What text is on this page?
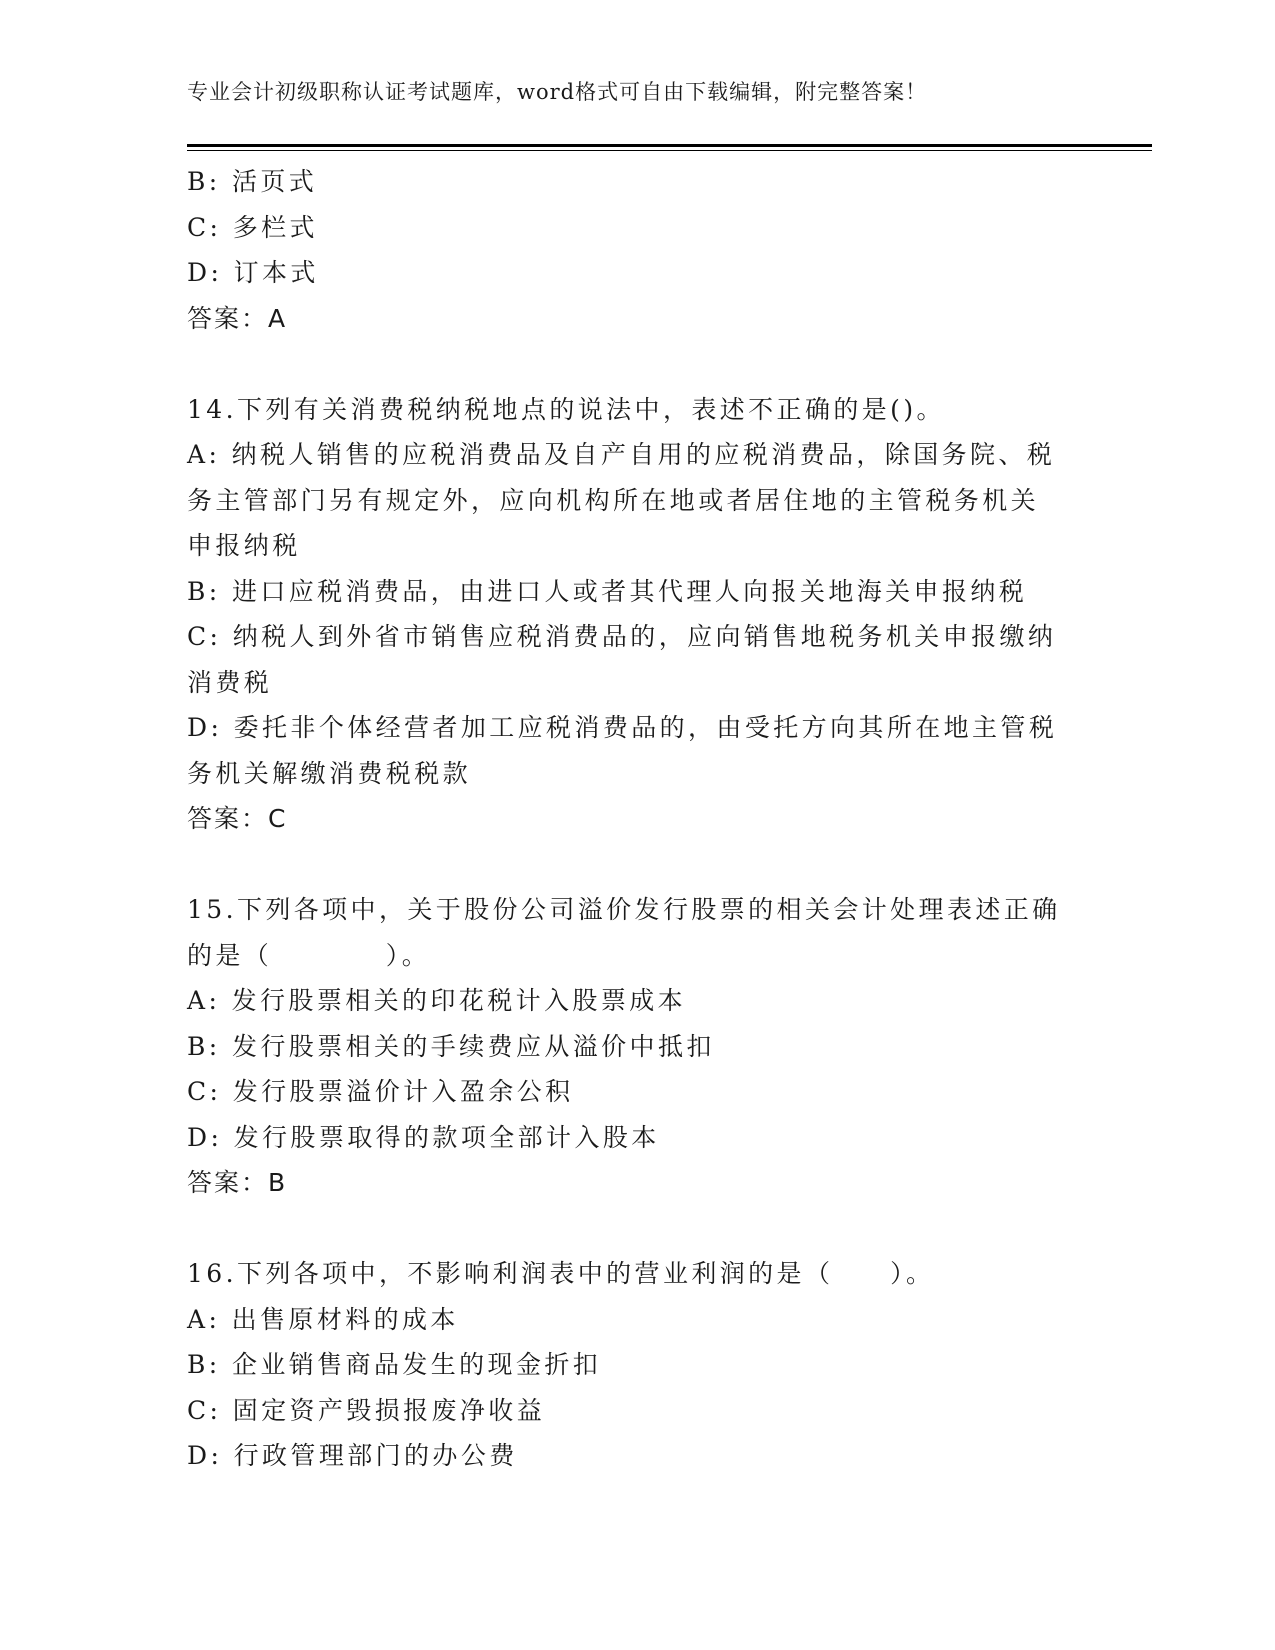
专业会计初级职称认证考试题库，word格式可自由下载编辑，附完整答案！

B: 活页式

C: 多栏式

D: 订本式

答案：A

14.下列有关消费税纳税地点的说法中，表述不正确的是()。

A: 纳税人销售的应税消费品及自产自用的应税消费品，除国务院、税

务主管部门另有规定外，应向机构所在地或者居住地的主管税务机关

申报纳税

B: 进口应税消费品，由进口人或者其代理人向报关地海关申报纳税

C: 纳税人到外省市销售应税消费品的，应向销售地税务机关申报缴纳

消费税

D: 委托非个体经营者加工应税消费品的，由受托方向其所在地主管税

务机关解缴消费税税款

答案：C

15.下列各项中，关于股份公司溢价发行股票的相关会计处理表述正确

的是（　　　　）。

A: 发行股票相关的印花税计入股票成本

B: 发行股票相关的手续费应从溢价中抵扣

C: 发行股票溢价计入盈余公积

D: 发行股票取得的款项全部计入股本

答案：B

16.下列各项中，不影响利润表中的营业利润的是（　　）。

A: 出售原材料的成本

B: 企业销售商品发生的现金折扣

C: 固定资产毁损报废净收益

D: 行政管理部门的办公费
